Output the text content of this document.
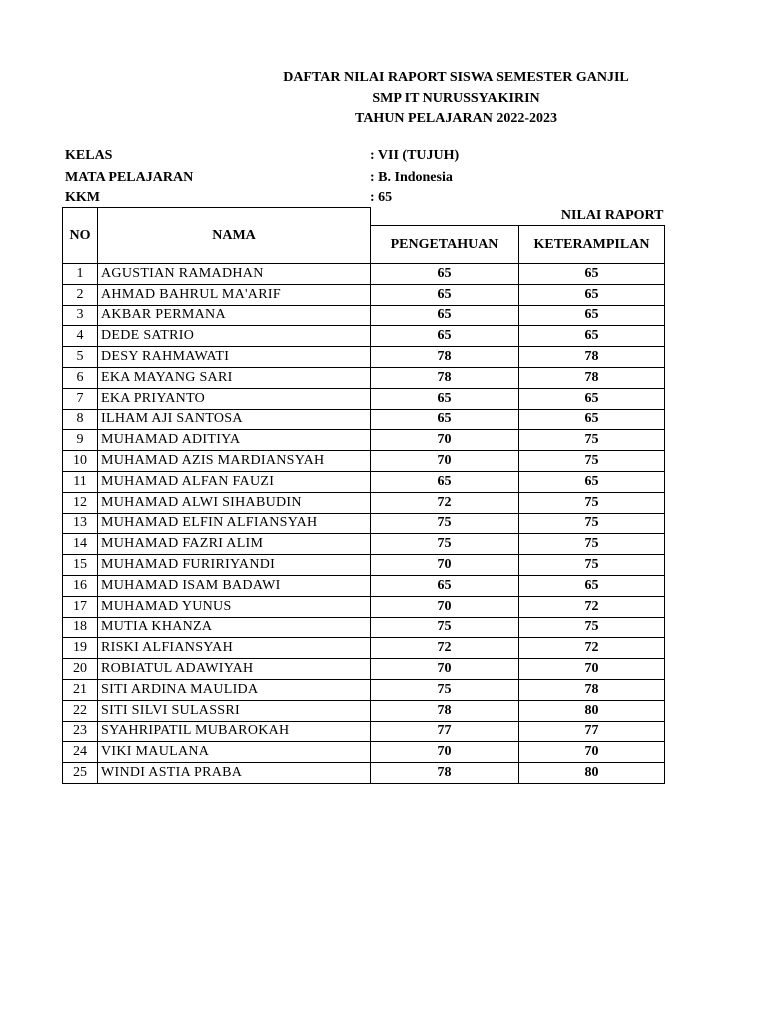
DAFTAR NILAI RAPORT SISWA SEMESTER GANJIL
SMP IT NURUSSYAKIRIN
TAHUN PELAJARAN 2022-2023
KELAS	: VII (TUJUH)
MATA PELAJARAN	: B. Indonesia
KKM	: 65
NO	NAMA	NILAI RAPORT	
		PENGETAHUAN	KETERAMPILAN
1	AGUSTIAN RAMADHAN	65	65
2	AHMAD BAHRUL MA'ARIF	65	65
3	AKBAR PERMANA	65	65
4	DEDE SATRIO	65	65
5	DESY RAHMAWATI	78	78
6	EKA MAYANG SARI	78	78
7	EKA PRIYANTO	65	65
8	ILHAM AJI SANTOSA	65	65
9	MUHAMAD ADITIYA	70	75
10	MUHAMAD AZIS MARDIANSYAH	70	75
11	MUHAMAD ALFAN FAUZI	65	65
12	MUHAMAD ALWI SIHABUDIN	72	75
13	MUHAMAD ELFIN ALFIANSYAH	75	75
14	MUHAMAD FAZRI ALIM	75	75
15	MUHAMAD FURIRIYANDI	70	75
16	MUHAMAD ISAM BADAWI	65	65
17	MUHAMAD YUNUS	70	72
18	MUTIA KHANZA	75	75
19	RISKI ALFIANSYAH	72	72
20	ROBIATUL ADAWIYAH	70	70
21	SITI ARDINA MAULIDA	75	78
22	SITI SILVI SULASSRI	78	80
23	SYAHRIPATIL MUBAROKAH	77	77
24	VIKI MAULANA	70	70
25	WINDI ASTIA PRABA	78	80
